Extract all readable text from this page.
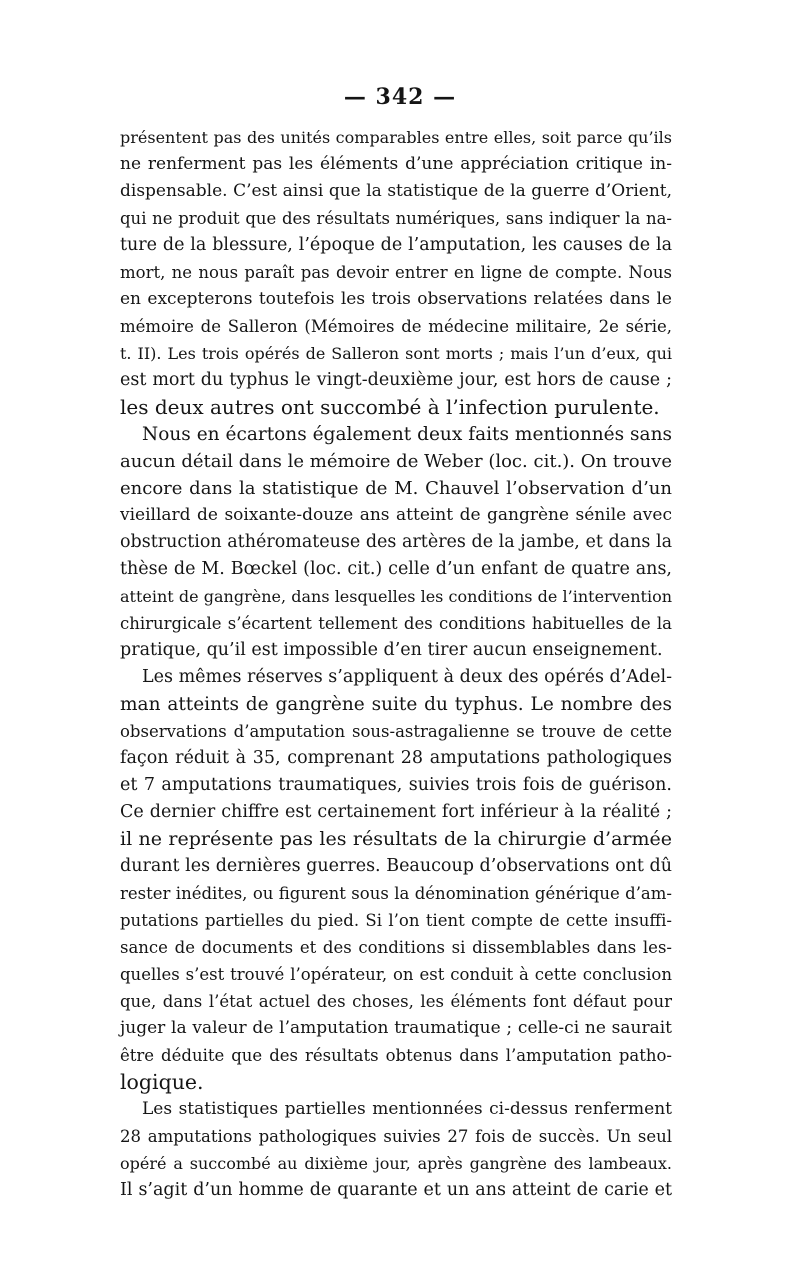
— 342 —
présentent pas des unités comparables entre elles, soit parce qu’ils
ne renferment pas les éléments d’une appréciation critique in-
dispensable. C’est ainsi que la statistique de la guerre d’Orient,
qui ne produit que des résultats numériques, sans indiquer la na-
ture de la blessure, l’époque de l’amputation, les causes de la
mort, ne nous paraît pas devoir entrer en ligne de compte. Nous
en excepterons toutefois les trois observations relatées dans le
mémoire de Salleron (Mémoires de médecine militaire, 2e série,
t. II). Les trois opérés de Salleron sont morts ; mais l’un d’eux, qui
est mort du typhus le vingt-deuxième jour, est hors de cause ;
les deux autres ont succombé à l’infection purulente.
Nous en écartons également deux faits mentionnés sans
aucun détail dans le mémoire de Weber (loc. cit.). On trouve
encore dans la statistique de M. Chauvel l’observation d’un
vieillard de soixante-douze ans atteint de gangrène sénile avec
obstruction athéromateuse des artères de la jambe, et dans la
thèse de M. Bœckel (loc. cit.) celle d’un enfant de quatre ans,
atteint de gangrène, dans lesquelles les conditions de l’intervention
chirurgicale s’écartent tellement des conditions habituelles de la
pratique, qu’il est impossible d’en tirer aucun enseignement.
Les mêmes réserves s’appliquent à deux des opérés d’Adel-
man atteints de gangrène suite du typhus. Le nombre des
observations d’amputation sous-astragalienne se trouve de cette
façon réduit à 35, comprenant 28 amputations pathologiques
et 7 amputations traumatiques, suivies trois fois de guérison.
Ce dernier chiffre est certainement fort inférieur à la réalité ;
il ne représente pas les résultats de la chirurgie d’armée
durant les dernières guerres. Beaucoup d’observations ont dû
rester inédites, ou figurent sous la dénomination générique d’am-
putations partielles du pied. Si l’on tient compte de cette insuffi-
sance de documents et des conditions si dissemblables dans les-
quelles s’est trouvé l’opérateur, on est conduit à cette conclusion
que, dans l’état actuel des choses, les éléments font défaut pour
juger la valeur de l’amputation traumatique ; celle-ci ne saurait
être déduite que des résultats obtenus dans l’amputation patho-
logique.
Les statistiques partielles mentionnées ci-dessus renferment
28 amputations pathologiques suivies 27 fois de succès. Un seul
opéré a succombé au dixième jour, après gangrène des lambeaux.
Il s’agit d’un homme de quarante et un ans atteint de carie et
